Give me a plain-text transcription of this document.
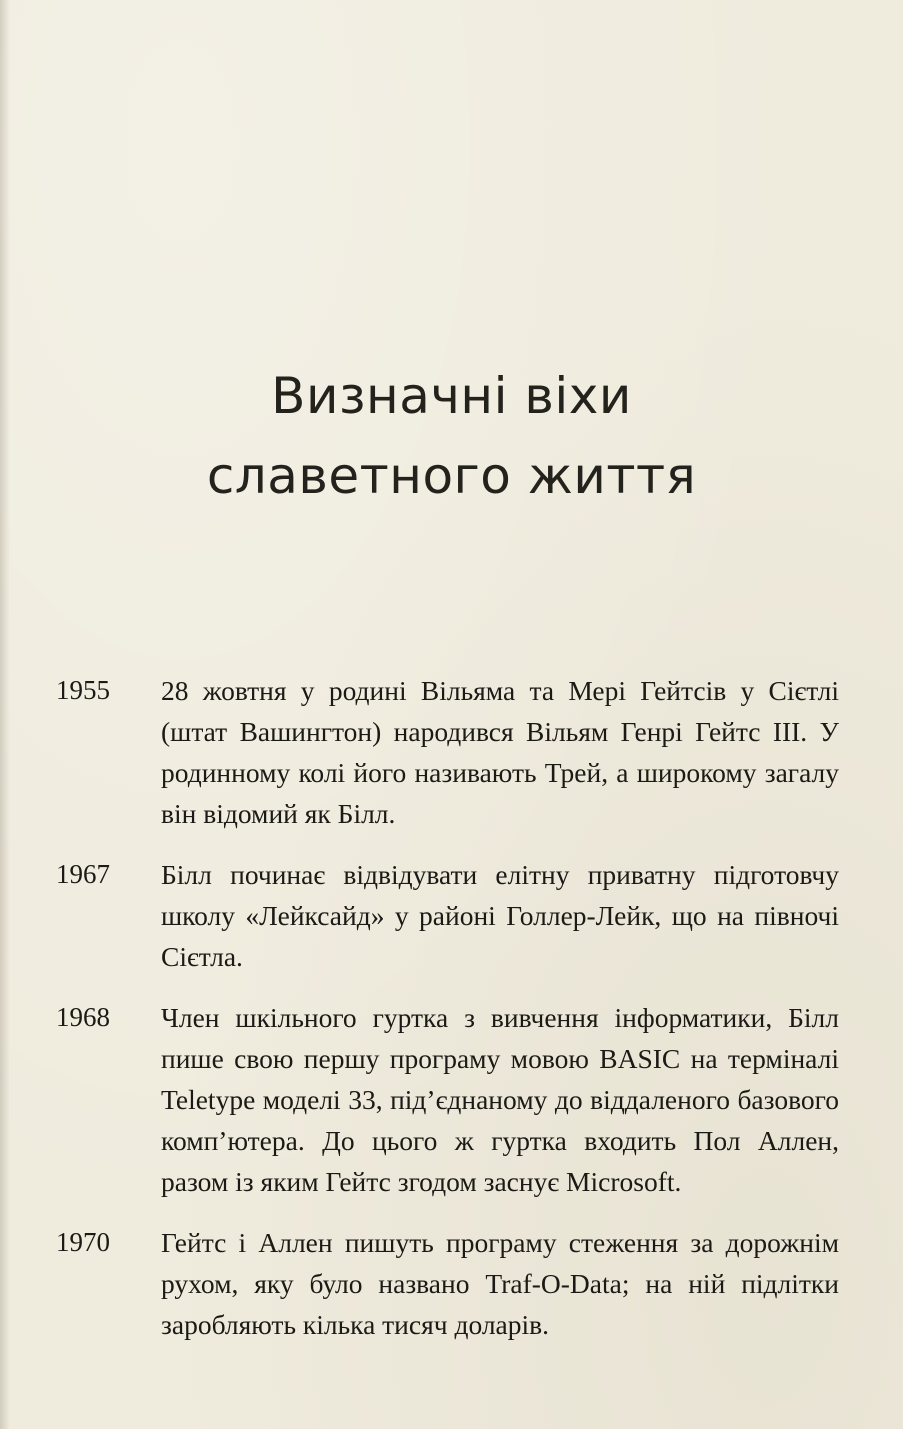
Визначні віхи
славетного життя
1955 28 жовтня у родині Вільяма та Мері Гейтсів у Сієтлі (штат Вашингтон) народився Вільям Генрі Гейтс ІІІ. У родинному колі його називають Трей, а широкому загалу він відомий як Білл.
1967 Білл починає відвідувати елітну приватну підготовчу школу «Лейксайд» у районі Голлер-Лейк, що на півночі Сієтла.
1968 Член шкільного гуртка з вивчення інформатики, Білл пише свою першу програму мовою BASIC на терміналі Teletype моделі 33, під’єднаному до віддаленого базового комп’ютера. До цього ж гуртка входить Пол Аллен, разом із яким Гейтс згодом заснує Microsoft.
1970 Гейтс і Аллен пишуть програму стеження за дорожнім рухом, яку було названо Traf-O-Data; на ній підлітки заробляють кілька тисяч доларів.
